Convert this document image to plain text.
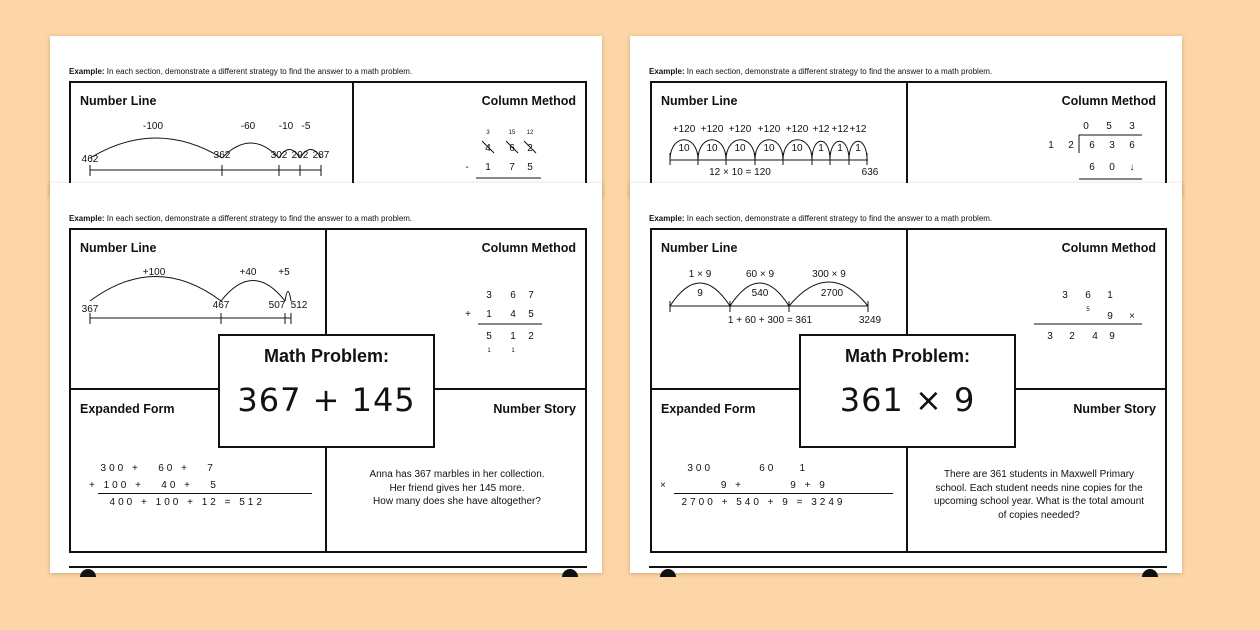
Example: In each section, demonstrate a different strategy to find the answer to a math problem.
Number Line	Column Method
-100	-60 -10 -5
462	362	302 292 287
3	15 12
4 6 2
- 1 7 5
Example: In each section, demonstrate a different strategy to find the answer to a math problem.
Number Line	Column Method
+120 +120 +120 +120 +120 +12 +12 +12
10 10 10 10 10 1 1 1
12 × 10 = 120	636
0 5 3
1 2 6 3 6
6 0 ↓
Example: In each section, demonstrate a different strategy to find the answer to a math problem.
Number Line	Column Method
Expanded Form	Number Story
+100	+40 +5
367	467	507 512
3 6 7
+ 1 4 5
5 1 2
1	1
300 +   60 +   7
+ 100 +   40 +   5
400 + 100 + 12 = 512
Anna has 367 marbles in her collection.
Her friend gives her 145 more.
How many does she have altogether?
Math Problem:
367 + 145
Example: In each section, demonstrate a different strategy to find the answer to a math problem.
Number Line	Column Method
Expanded Form	Number Story
1 × 9	60 × 9	300 × 9
9	540	2700
1 + 60 + 300 = 361	3249
3 6 1
5
9 ×
3 2 4 9
300        60    1
×         9 +        9 + 9
2700 + 540 + 9 = 3249
There are 361 students in Maxwell Primary
school. Each student needs nine copies for the
upcoming school year. What is the total amount
of copies needed?
Math Problem:
361 × 9
